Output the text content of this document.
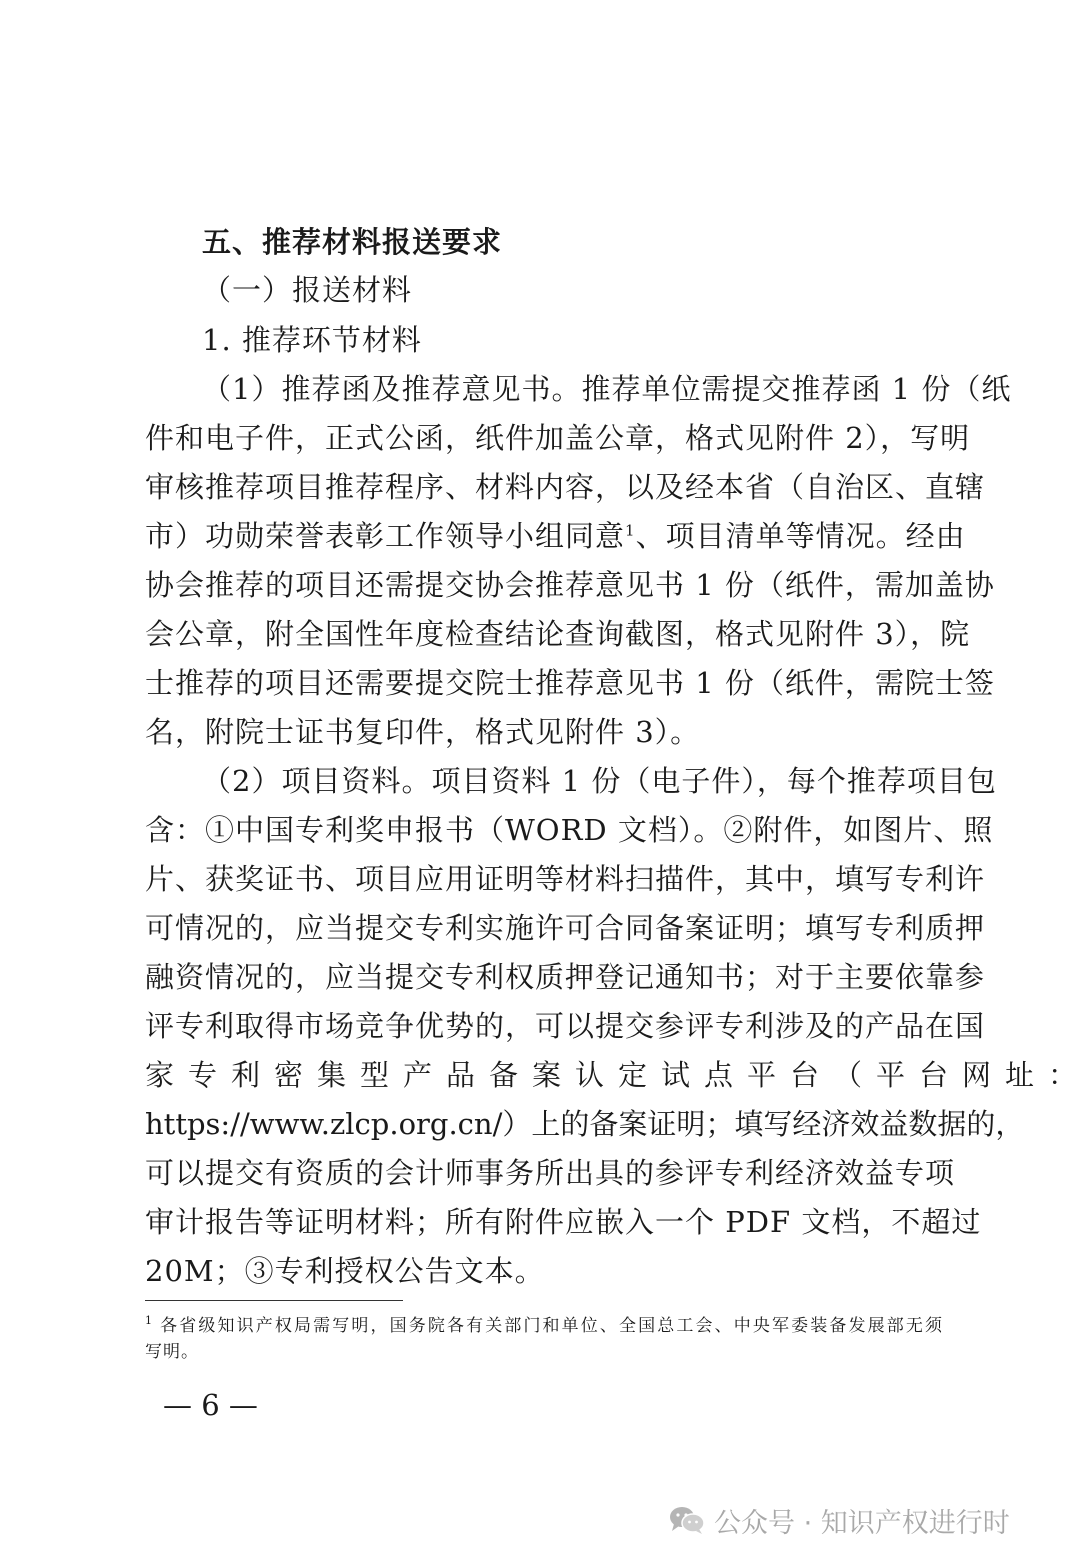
五、推荐材料报送要求
（一）报送材料
1. 推荐环节材料
（1）推荐函及推荐意见书。推荐单位需提交推荐函 1 份（纸
件和电子件，正式公函，纸件加盖公章，格式见附件 2），写明
审核推荐项目推荐程序、材料内容，以及经本省（自治区、直辖
市）功勋荣誉表彰工作领导小组同意$^1$、项目清单等情况。经由
协会推荐的项目还需提交协会推荐意见书 1 份（纸件，需加盖协
会公章，附全国性年度检查结论查询截图，格式见附件 3），院
士推荐的项目还需要提交院士推荐意见书 1 份（纸件，需院士签
名，附院士证书复印件，格式见附件 3）。
（2）项目资料。项目资料 1 份（电子件），每个推荐项目包
含：①中国专利奖申报书（WORD 文档）。②附件，如图片、照
片、获奖证书、项目应用证明等材料扫描件，其中，填写专利许
可情况的，应当提交专利实施许可合同备案证明；填写专利质押
融资情况的，应当提交专利权质押登记通知书；对于主要依靠参
评专利取得市场竞争优势的，可以提交参评专利涉及的产品在国
家专利密集型产品备案认定试点平台（平台网址：
https://www.zlcp.org.cn/）上的备案证明；填写经济效益数据的，
可以提交有资质的会计师事务所出具的参评专利经济效益专项
审计报告等证明材料；所有附件应嵌入一个 PDF 文档，不超过
20M；③专利授权公告文本。
$^1$ 各省级知识产权局需写明，国务院各有关部门和单位、全国总工会、中央军委装备发展部无须
写明。
— 6 —
公众号 · 知识产权进行时
